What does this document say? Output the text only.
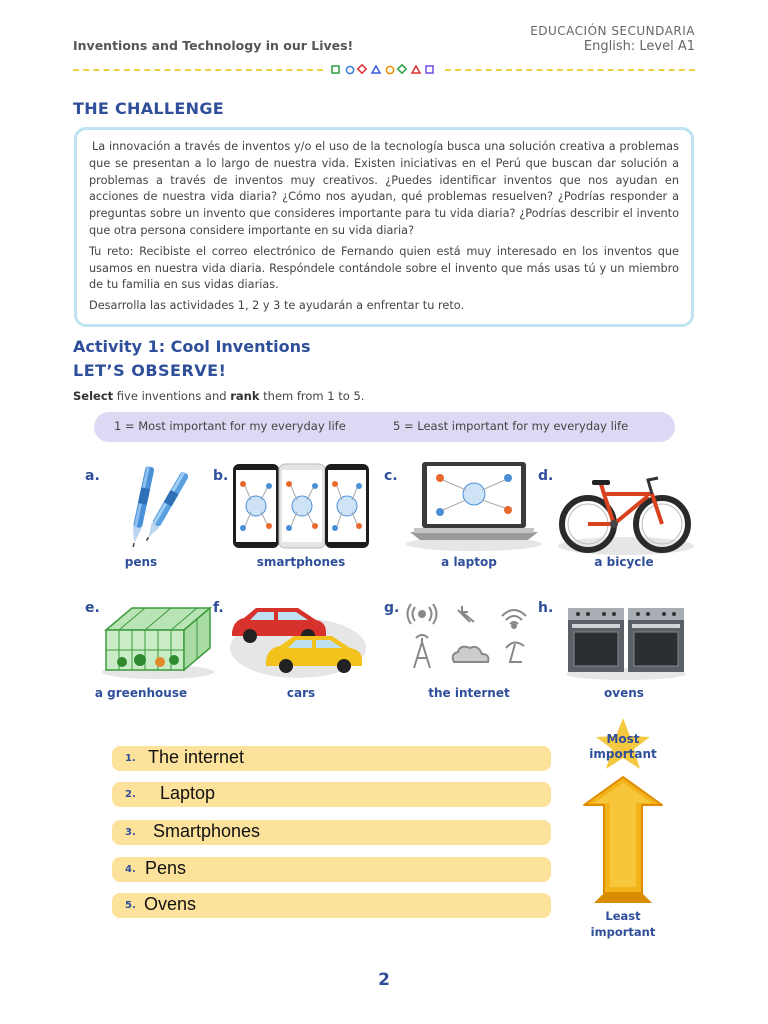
Inventions and Technology in our Lives!
EDUCACIÓN SECUNDARIA
English: Level A1
THE CHALLENGE

La innovación a través de inventos y/o el uso de la tecnología busca una solución creativa a problemas que se presentan a lo largo de nuestra vida. Existen iniciativas en el Perú que buscan dar solución a problemas a través de inventos muy creativos. ¿Puedes identificar inventos que nos ayudan en acciones de nuestra vida diaria? ¿Cómo nos ayudan, qué problemas resuelven? ¿Podrías responder a preguntas sobre un invento que consideres importante para tu vida diaria? ¿Podrías describir el invento que otra persona considere importante en su vida diaria?

Tu reto: Recibiste el correo electrónico de Fernando quien está muy interesado en los inventos que usamos en nuestra vida diaria. Respóndele contándole sobre el invento que más usas tú y un miembro de tu familia en sus vidas diarias.

Desarrolla las actividades 1, 2 y 3 te ayudarán a enfrentar tu reto.

Activity 1: Cool Inventions
LET’S OBSERVE!
Select five inventions and rank them from 1 to 5.
1 = Most important for my everyday life	5 = Least important for my everyday life
a.	b.	c.	d.
pens	smartphones	a laptop	a bicycle
e.	f.	g.	h.
a greenhouse	cars	the internet	ovens
1. The internet
2. Laptop
3. Smartphones
4. Pens
5. Ovens
Most
important
Least
important
2
